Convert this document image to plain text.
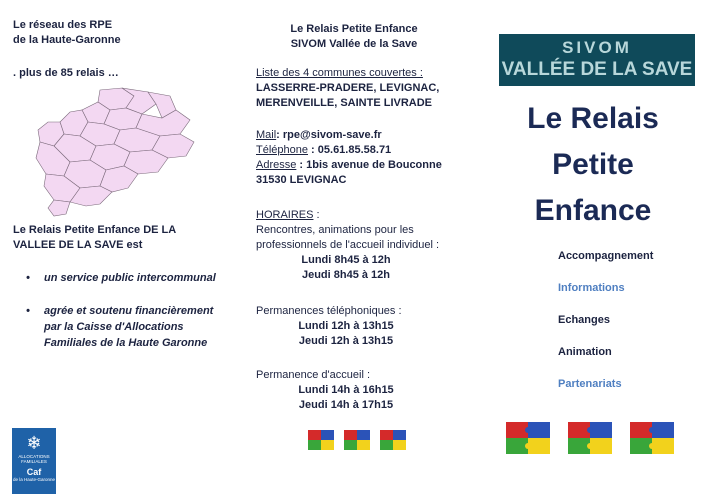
Le réseau des RPE
de la Haute-Garonne
. plus de 85 relais …
Le Relais Petite Enfance DE LA VALLEE DE LA SAVE est
• un service public intercommunal
• agrée et soutenu financièrement par la Caisse d'Allocations Familiales de la Haute Garonne
❄
ALLOCATIONS FAMILIALES
Caf
de la Haute-Garonne
Le Relais Petite Enfance
SIVOM Vallée de la Save
Liste des 4 communes couvertes :
LASSERRE-PRADERE, LEVIGNAC, MERENVEILLE, SAINTE LIVRADE
Mail: rpe@sivom-save.fr
Téléphone : 05.61.85.58.71
Adresse : 1bis avenue de Bouconne
31530 LEVIGNAC
HORAIRES :
Rencontres, animations pour les professionnels de l'accueil individuel :
Lundi 8h45 à 12h
Jeudi 8h45 à 12h
Permanences téléphoniques :
Lundi 12h à 13h15
Jeudi 12h à 13h15
Permanence d'accueil :
Lundi 14h à 16h15
Jeudi 14h à 17h15
SIVOM
VALLÉE DE LA SAVE
Le Relais
Petite
Enfance
Accompagnement
Informations
Echanges
Animation
Partenariats
